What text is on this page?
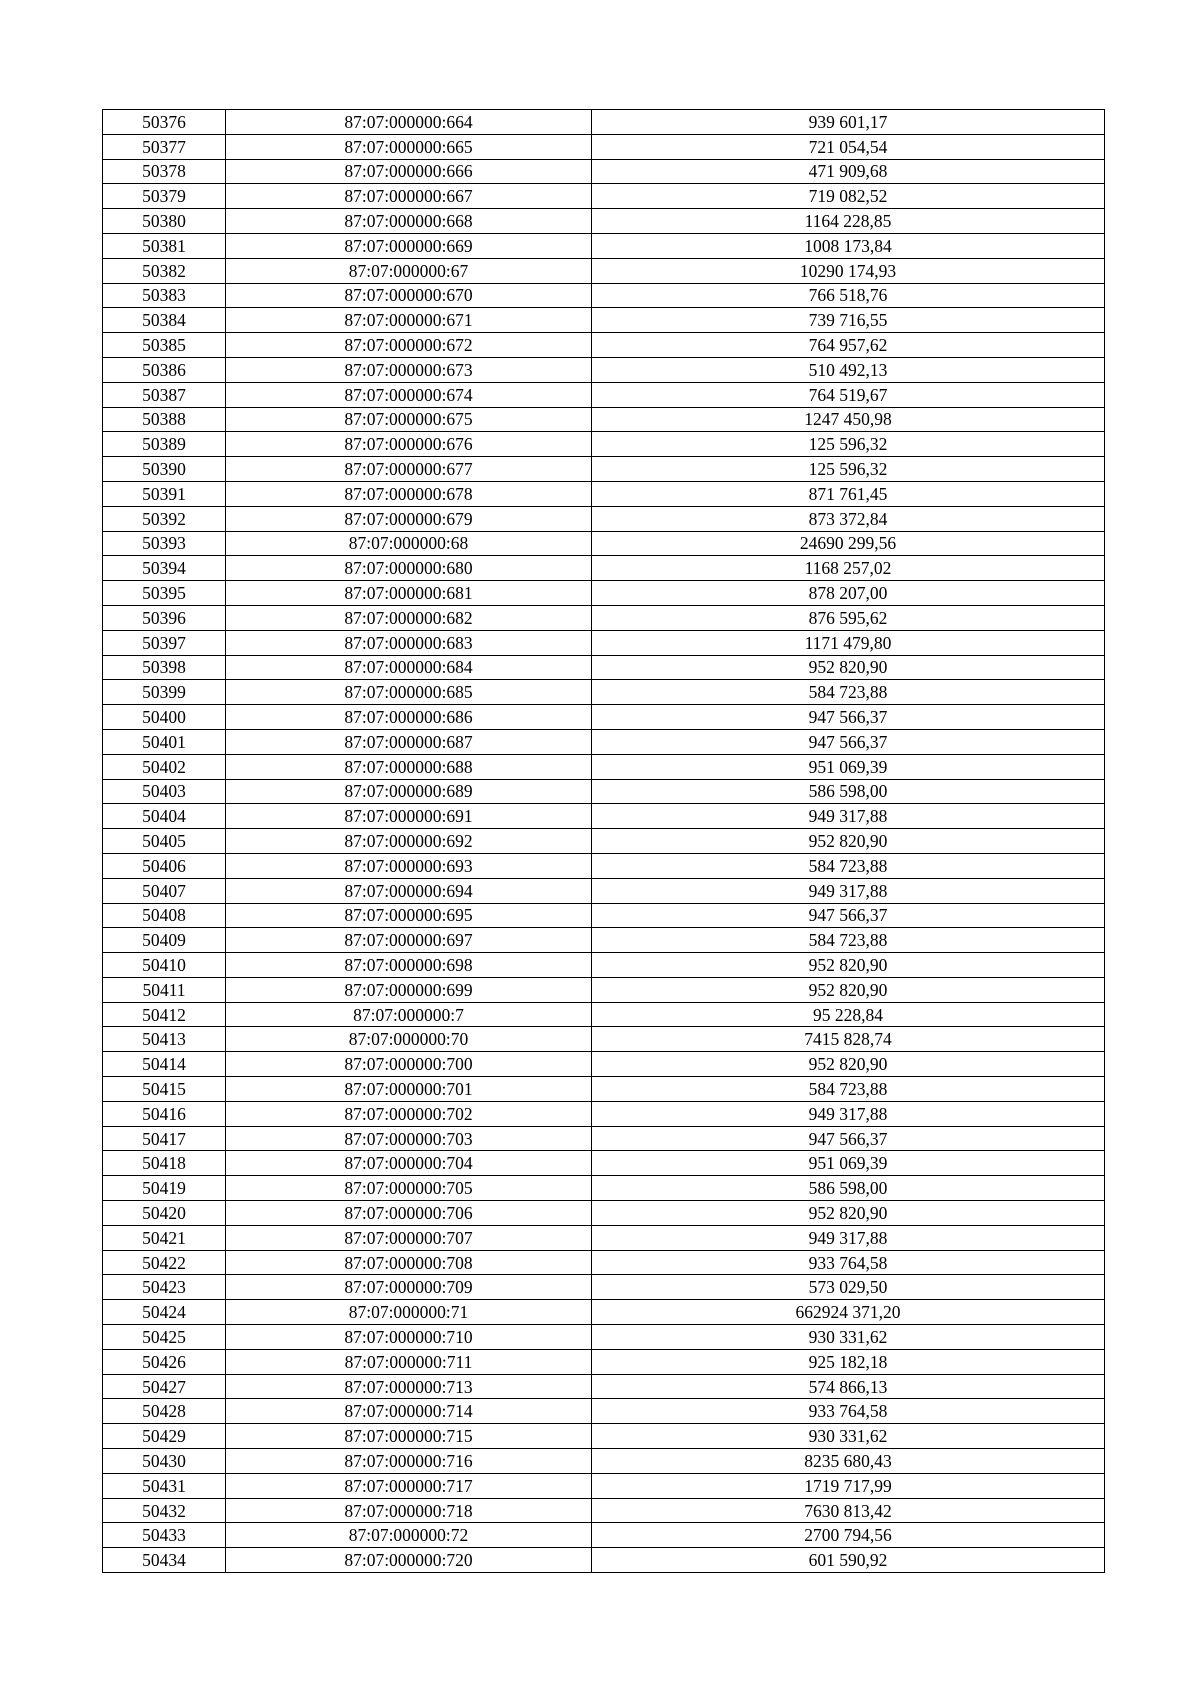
50376	87:07:000000:664	939 601,17
50377	87:07:000000:665	721 054,54
50378	87:07:000000:666	471 909,68
50379	87:07:000000:667	719 082,52
50380	87:07:000000:668	1164 228,85
50381	87:07:000000:669	1008 173,84
50382	87:07:000000:67	10290 174,93
50383	87:07:000000:670	766 518,76
50384	87:07:000000:671	739 716,55
50385	87:07:000000:672	764 957,62
50386	87:07:000000:673	510 492,13
50387	87:07:000000:674	764 519,67
50388	87:07:000000:675	1247 450,98
50389	87:07:000000:676	125 596,32
50390	87:07:000000:677	125 596,32
50391	87:07:000000:678	871 761,45
50392	87:07:000000:679	873 372,84
50393	87:07:000000:68	24690 299,56
50394	87:07:000000:680	1168 257,02
50395	87:07:000000:681	878 207,00
50396	87:07:000000:682	876 595,62
50397	87:07:000000:683	1171 479,80
50398	87:07:000000:684	952 820,90
50399	87:07:000000:685	584 723,88
50400	87:07:000000:686	947 566,37
50401	87:07:000000:687	947 566,37
50402	87:07:000000:688	951 069,39
50403	87:07:000000:689	586 598,00
50404	87:07:000000:691	949 317,88
50405	87:07:000000:692	952 820,90
50406	87:07:000000:693	584 723,88
50407	87:07:000000:694	949 317,88
50408	87:07:000000:695	947 566,37
50409	87:07:000000:697	584 723,88
50410	87:07:000000:698	952 820,90
50411	87:07:000000:699	952 820,90
50412	87:07:000000:7	95 228,84
50413	87:07:000000:70	7415 828,74
50414	87:07:000000:700	952 820,90
50415	87:07:000000:701	584 723,88
50416	87:07:000000:702	949 317,88
50417	87:07:000000:703	947 566,37
50418	87:07:000000:704	951 069,39
50419	87:07:000000:705	586 598,00
50420	87:07:000000:706	952 820,90
50421	87:07:000000:707	949 317,88
50422	87:07:000000:708	933 764,58
50423	87:07:000000:709	573 029,50
50424	87:07:000000:71	662924 371,20
50425	87:07:000000:710	930 331,62
50426	87:07:000000:711	925 182,18
50427	87:07:000000:713	574 866,13
50428	87:07:000000:714	933 764,58
50429	87:07:000000:715	930 331,62
50430	87:07:000000:716	8235 680,43
50431	87:07:000000:717	1719 717,99
50432	87:07:000000:718	7630 813,42
50433	87:07:000000:72	2700 794,56
50434	87:07:000000:720	601 590,92
